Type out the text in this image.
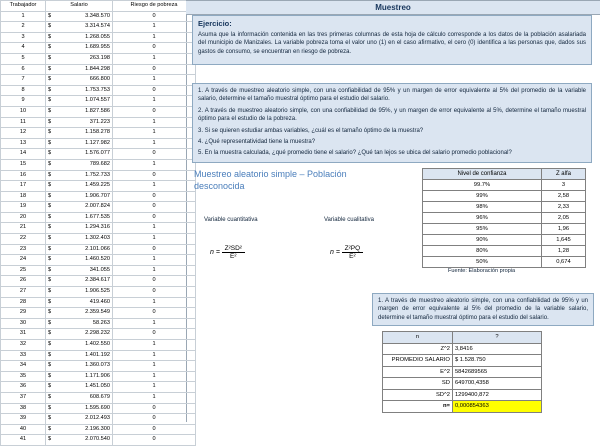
Trabajador	Salario	Riesgo de pobreza
1	$ 3.348.570	0
2	$ 3.314.574	1
3	$ 1.268.055	1
4	$ 1.689.955	0
5	$ 263.198	1
6	$ 1.844.298	0
7	$ 666.800	1
8	$ 1.753.753	0
9	$ 1.074.557	1
10	$ 1.827.586	0
11	$ 371.223	1
12	$ 1.158.278	1
13	$ 1.127.982	1
14	$ 1.576.077	0
15	$ 789.682	1
16	$ 1.752.733	0
17	$ 1.459.225	1
18	$ 1.906.707	0
19	$ 2.007.824	0
20	$ 1.677.535	0
21	$ 1.294.316	1
22	$ 1.302.403	1
23	$ 2.101.066	0
24	$ 1.460.520	1
25	$ 341.055	1
26	$ 2.384.617	0
27	$ 1.906.525	0
28	$ 419.460	1
29	$ 2.359.549	0
30	$ 58.263	1
31	$ 2.298.232	0
32	$ 1.402.550	1
33	$ 1.401.192	1
34	$ 1.360.073	1
35	$ 1.171.906	1
36	$ 1.451.050	1
37	$ 608.679	1
38	$ 1.595.690	0
39	$ 2.012.493	0
40	$ 2.196.300	0
41	$ 2.070.540	0
Muestreo
Ejercicio:

Asuma que la información contenida en las tres primeras columnas de esta hoja de cálculo corresponde a los datos de la población asalariada del municipio de Manizales. La variable pobreza toma el valor uno (1) en el caso afirmativo, el cero (0) identifica a las personas que, dados sus gastos de consumo, se encuentran en riesgo de pobreza.

1. A través de muestreo aleatorio simple, con una confiabilidad de 95% y un margen de error equivalente al 5% del promedio de la variable salario, determine el tamaño muestral óptimo para el estudio del salario.

2. A través de muestreo aleatorio simple, con una confiabilidad de 95%, y un margen de error equivalente al 5%, determine el tamaño muestral óptimo para el estudio de la pobreza.

3. Si se quieren estudiar ambas variables, ¿cuál es el tamaño óptimo de la muestra?

4. ¿Qué representatividad tiene la muestra?

5. En la muestra calculada, ¿qué promedio tiene el salario? ¿Qué tan lejos se ubica del salario promedio poblacional?

Muestreo aleatorio simple – Población desconocida
Variable cuantitativa	Variable cualitativa
$n = \frac{\text{Z²SD²}}{\text{E²}}$	$n = \frac{\text{Z²PQ}}{\text{E²}}$
Nivel de confianza	Z alfa
99.7%	3
99%	2,58
98%	2,33
96%	2,05
95%	1,96
90%	1,645
80%	1,28
50%	0,674
Fuente: Elaboración propia
1. A través de muestreo aleatorio simple, con una confiabilidad de 95% y un margen de error equivalente al 5% del promedio de la variable salario, determine el tamaño muestral óptimo para el estudio del salario.
n	?
Z^2	3,8416
PROMEDIO SALARIO	$ 1.528.750
E^2	5842689565
SD	649700,4358
SD^2	1299400,872
n=	0,000854363
